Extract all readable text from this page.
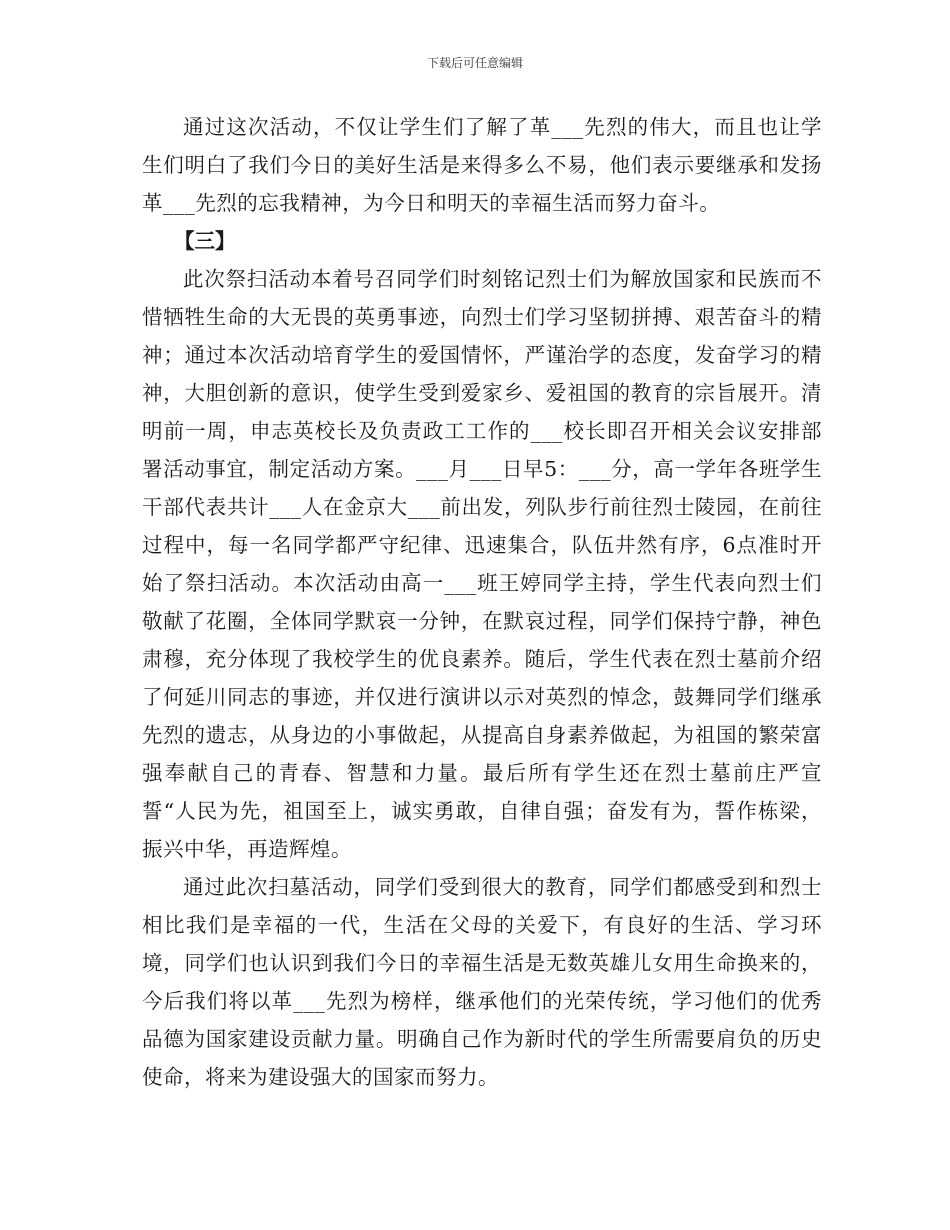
下载后可任意编辑

通过这次活动，不仅让学生们了解了革___先烈的伟大，而且也让学生们明白了我们今日的美好生活是来得多么不易，他们表示要继承和发扬革___先烈的忘我精神，为今日和明天的幸福生活而努力奋斗。

【三】

此次祭扫活动本着号召同学们时刻铭记烈士们为解放国家和民族而不惜牺牲生命的大无畏的英勇事迹，向烈士们学习坚韧拼搏、艰苦奋斗的精神；通过本次活动培育学生的爱国情怀，严谨治学的态度，发奋学习的精神，大胆创新的意识，使学生受到爱家乡、爱祖国的教育的宗旨展开。清明前一周，申志英校长及负责政工工作的___校长即召开相关会议安排部署活动事宜，制定活动方案。___月___日早5：___分，高一学年各班学生干部代表共计___人在金京大___前出发，列队步行前往烈士陵园，在前往过程中，每一名同学都严守纪律、迅速集合，队伍井然有序，6点准时开始了祭扫活动。本次活动由高一___班王婷同学主持，学生代表向烈士们敬献了花圈，全体同学默哀一分钟，在默哀过程，同学们保持宁静，神色肃穆，充分体现了我校学生的优良素养。随后，学生代表在烈士墓前介绍了何延川同志的事迹，并仅进行演讲以示对英烈的悼念，鼓舞同学们继承先烈的遗志，从身边的小事做起，从提高自身素养做起，为祖国的繁荣富强奉献自己的青春、智慧和力量。最后所有学生还在烈士墓前庄严宣誓“人民为先，祖国至上，诚实勇敢，自律自强；奋发有为，誓作栋梁，振兴中华，再造辉煌。

通过此次扫墓活动，同学们受到很大的教育，同学们都感受到和烈士相比我们是幸福的一代，生活在父母的关爱下，有良好的生活、学习环境，同学们也认识到我们今日的幸福生活是无数英雄儿女用生命换来的，今后我们将以革___先烈为榜样，继承他们的光荣传统，学习他们的优秀品德为国家建设贡献力量。明确自己作为新时代的学生所需要肩负的历史使命，将来为建设强大的国家而努力。
